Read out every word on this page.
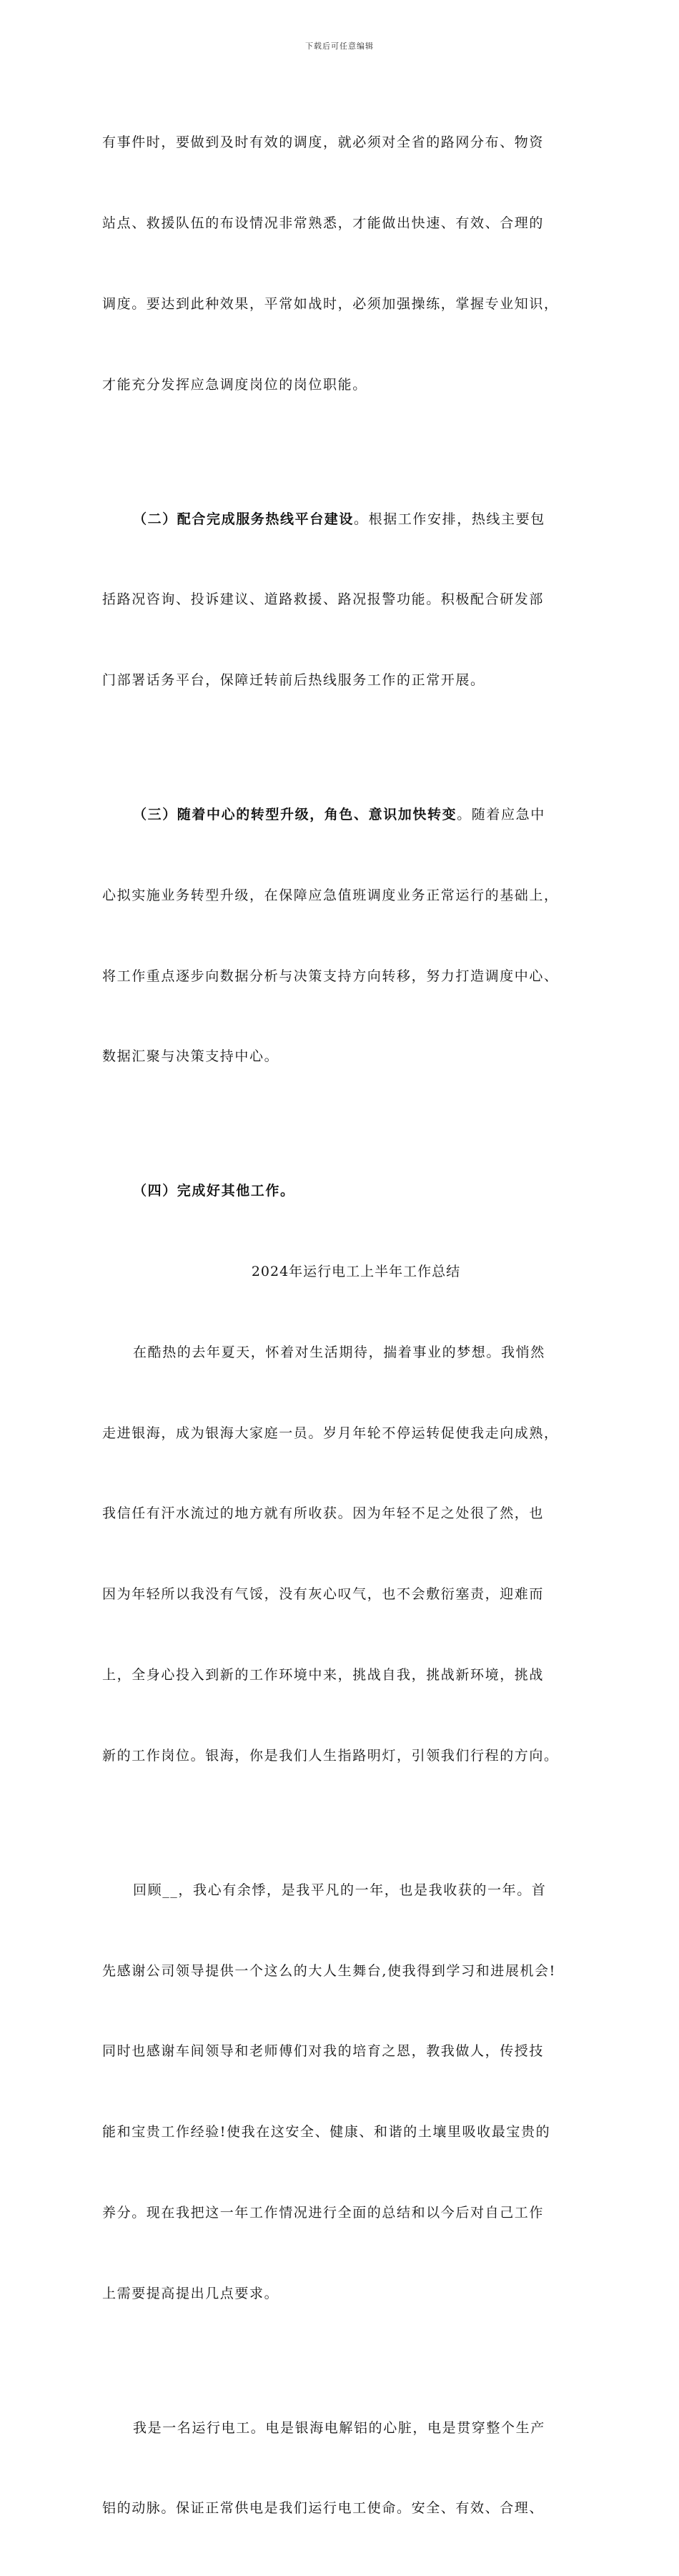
下载后可任意编辑

有事件时，要做到及时有效的调度，就必须对全省的路网分布、物资

站点、救援队伍的布设情况非常熟悉，才能做出快速、有效、合理的

调度。要达到此种效果，平常如战时，必须加强操练，掌握专业知识，

才能充分发挥应急调度岗位的岗位职能。

（二）配合完成服务热线平台建设。根据工作安排，热线主要包

括路况咨询、投诉建议、道路救援、路况报警功能。积极配合研发部

门部署话务平台，保障迁转前后热线服务工作的正常开展。

（三）随着中心的转型升级，角色、意识加快转变。随着应急中

心拟实施业务转型升级，在保障应急值班调度业务正常运行的基础上，

将工作重点逐步向数据分析与决策支持方向转移，努力打造调度中心、

数据汇聚与决策支持中心。

（四）完成好其他工作。

2024年运行电工上半年工作总结

在酷热的去年夏天，怀着对生活期待，揣着事业的梦想。我悄然

走进银海，成为银海大家庭一员。岁月年轮不停运转促使我走向成熟，

我信任有汗水流过的地方就有所收获。因为年轻不足之处很了然，也

因为年轻所以我没有气馁，没有灰心叹气，也不会敷衍塞责，迎难而

上，全身心投入到新的工作环境中来，挑战自我，挑战新环境，挑战

新的工作岗位。银海，你是我们人生指路明灯，引领我们行程的方向。

回顾__，我心有余悸，是我平凡的一年，也是我收获的一年。首

先感谢公司领导提供一个这么的大人生舞台,使我得到学习和进展机会!

同时也感谢车间领导和老师傅们对我的培育之恩，教我做人，传授技

能和宝贵工作经验!使我在这安全、健康、和谐的土壤里吸收最宝贵的

养分。现在我把这一年工作情况进行全面的总结和以今后对自己工作

上需要提高提出几点要求。

我是一名运行电工。电是银海电解铝的心脏，电是贯穿整个生产

铝的动脉。保证正常供电是我们运行电工使命。安全、有效、合理、
